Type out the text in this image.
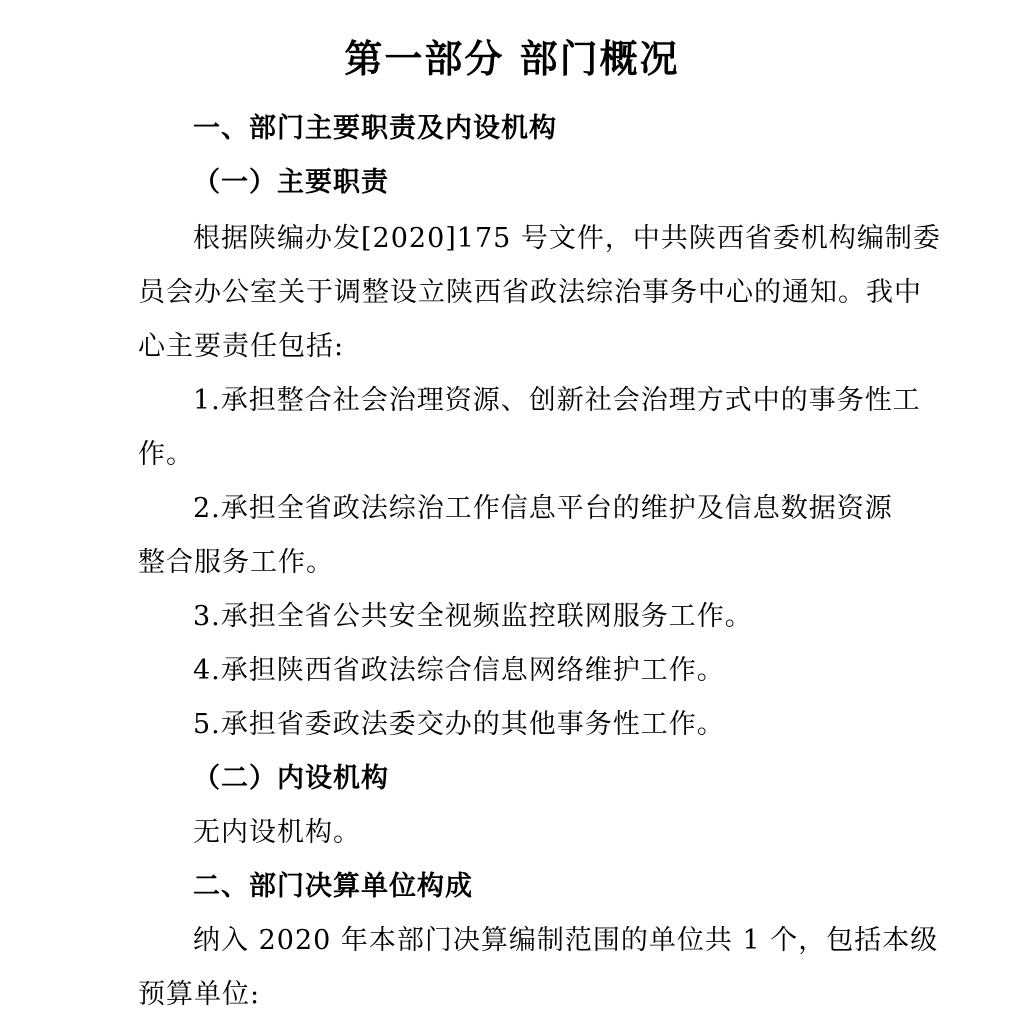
第一部分 部门概况
一、部门主要职责及内设机构
（一）主要职责
根据陕编办发[2020]175 号文件，中共陕西省委机构编制委
员会办公室关于调整设立陕西省政法综治事务中心的通知。我中
心主要责任包括:
1.承担整合社会治理资源、创新社会治理方式中的事务性工
作。
2.承担全省政法综治工作信息平台的维护及信息数据资源
整合服务工作。
3.承担全省公共安全视频监控联网服务工作。
4.承担陕西省政法综合信息网络维护工作。
5.承担省委政法委交办的其他事务性工作。
（二）内设机构
无内设机构。
二、部门决算单位构成
纳入 2020 年本部门决算编制范围的单位共 1 个，包括本级
预算单位:
